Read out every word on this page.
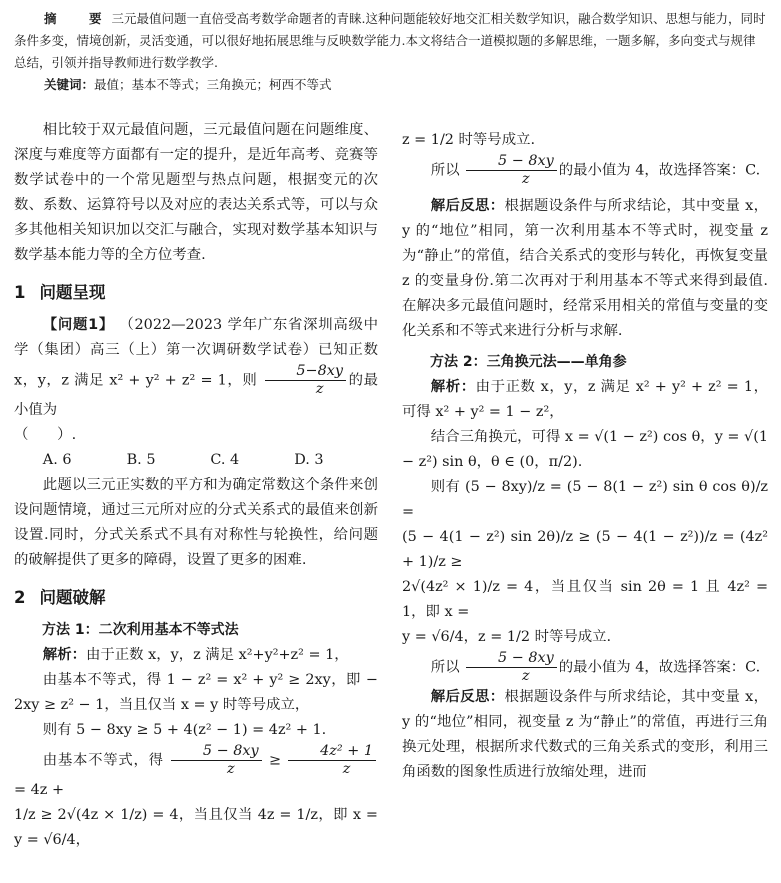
摘　要三元最值问题一直倍受高考数学命题者的青睐.这种问题能较好地交汇相关数学知识，融合数学知识、思想与能力，同时条件多变，情境创新，灵活变通，可以很好地拓展思维与反映数学能力.本文将结合一道模拟题的多解思维，一题多解，多向变式与规律总结，引领并指导教师进行数学教学.
关键词：最值；基本不等式；三角换元；柯西不等式

相比较于双元最值问题，三元最值问题在问题维度、深度与难度等方面都有一定的提升，是近年高考、竞赛等数学试卷中的一个常见题型与热点问题，根据变元的次数、系数、运算符号以及对应的表达关系式等，可以与众多其他相关知识加以交汇与融合，实现对数学基本知识与数学基本能力等的全方位考查.

1 问题呈现

【问题1】 （2022—2023 学年广东省深圳高级中学（集团）高三（上）第一次调研数学试卷）已知正数 x，y，z 满足 x² + y² + z² = 1，则 $\frac{5-8xy}{z}$ 的最小值为

（　　）.

A. 6	B. 5	C. 4	D. 3

此题以三元正实数的平方和为确定常数这个条件来创设问题情境，通过三元所对应的分式关系式的最值来创新设置.同时，分式关系式不具有对称性与轮换性，给问题的破解提供了更多的障碍，设置了更多的困难.

2 问题破解
方法 1：二次利用基本不等式法

解析：由于正数 x，y，z 满足 x²+y²+z² = 1，

由基本不等式，得 1 − z² = x² + y² ≥ 2xy，即 − 2xy ≥ z² − 1，当且仅当 x = y 时等号成立，

则有 5 − 8xy ≥ 5 + 4(z² − 1) = 4z² + 1.

由基本不等式，得 $\frac{5 - 8xy}{z} \ge \frac{\text{4z² + 1}}{z}$
= 4z +

1/z ≥ 2√(4z × 1/z) = 4，当且仅当 4z = 1/z，即 x = y = √6/4，

z = 1/2 时等号成立.

所以 $\frac{5 - 8xy}{z}$ 的最小值为 4，故选择答案：C.

解后反思：根据题设条件与所求结论，其中变量 x，y 的“地位”相同，第一次利用基本不等式时，视变量 z 为“静止”的常值，结合关系式的变形与转化，再恢复变量 z 的变量身份.第二次再对于利用基本不等式来得到最值.在解决多元最值问题时，经常采用相关的常值与变量的变化关系和不等式来进行分析与求解.

方法 2：三角换元法——单角参

解析：由于正数 x，y，z 满足 x² + y² + z² = 1，可得 x² + y² = 1 − z²，

结合三角换元，可得 x = √(1 − z²) cos θ，y = √(1 − z²) sin θ，θ ∈ (0，π/2).

则有 (5 − 8xy)/z = (5 − 8(1 − z²) sin θ cos θ)/z =

(5 − 4(1 − z²) sin 2θ)/z ≥ (5 − 4(1 − z²))/z = (4z² + 1)/z ≥

2√(4z² × 1)/z = 4，当且仅当 sin 2θ = 1 且 4z² = 1，即 x =

y = √6/4，z = 1/2 时等号成立.

所以 $\frac{5 - 8xy}{z}$ 的最小值为 4，故选择答案：C.

解后反思：根据题设条件与所求结论，其中变量 x，y 的“地位”相同，视变量 z 为“静止”的常值，再进行三角换元处理，根据所求代数式的三角关系式的变形，利用三角函数的图象性质进行放缩处理，进而
